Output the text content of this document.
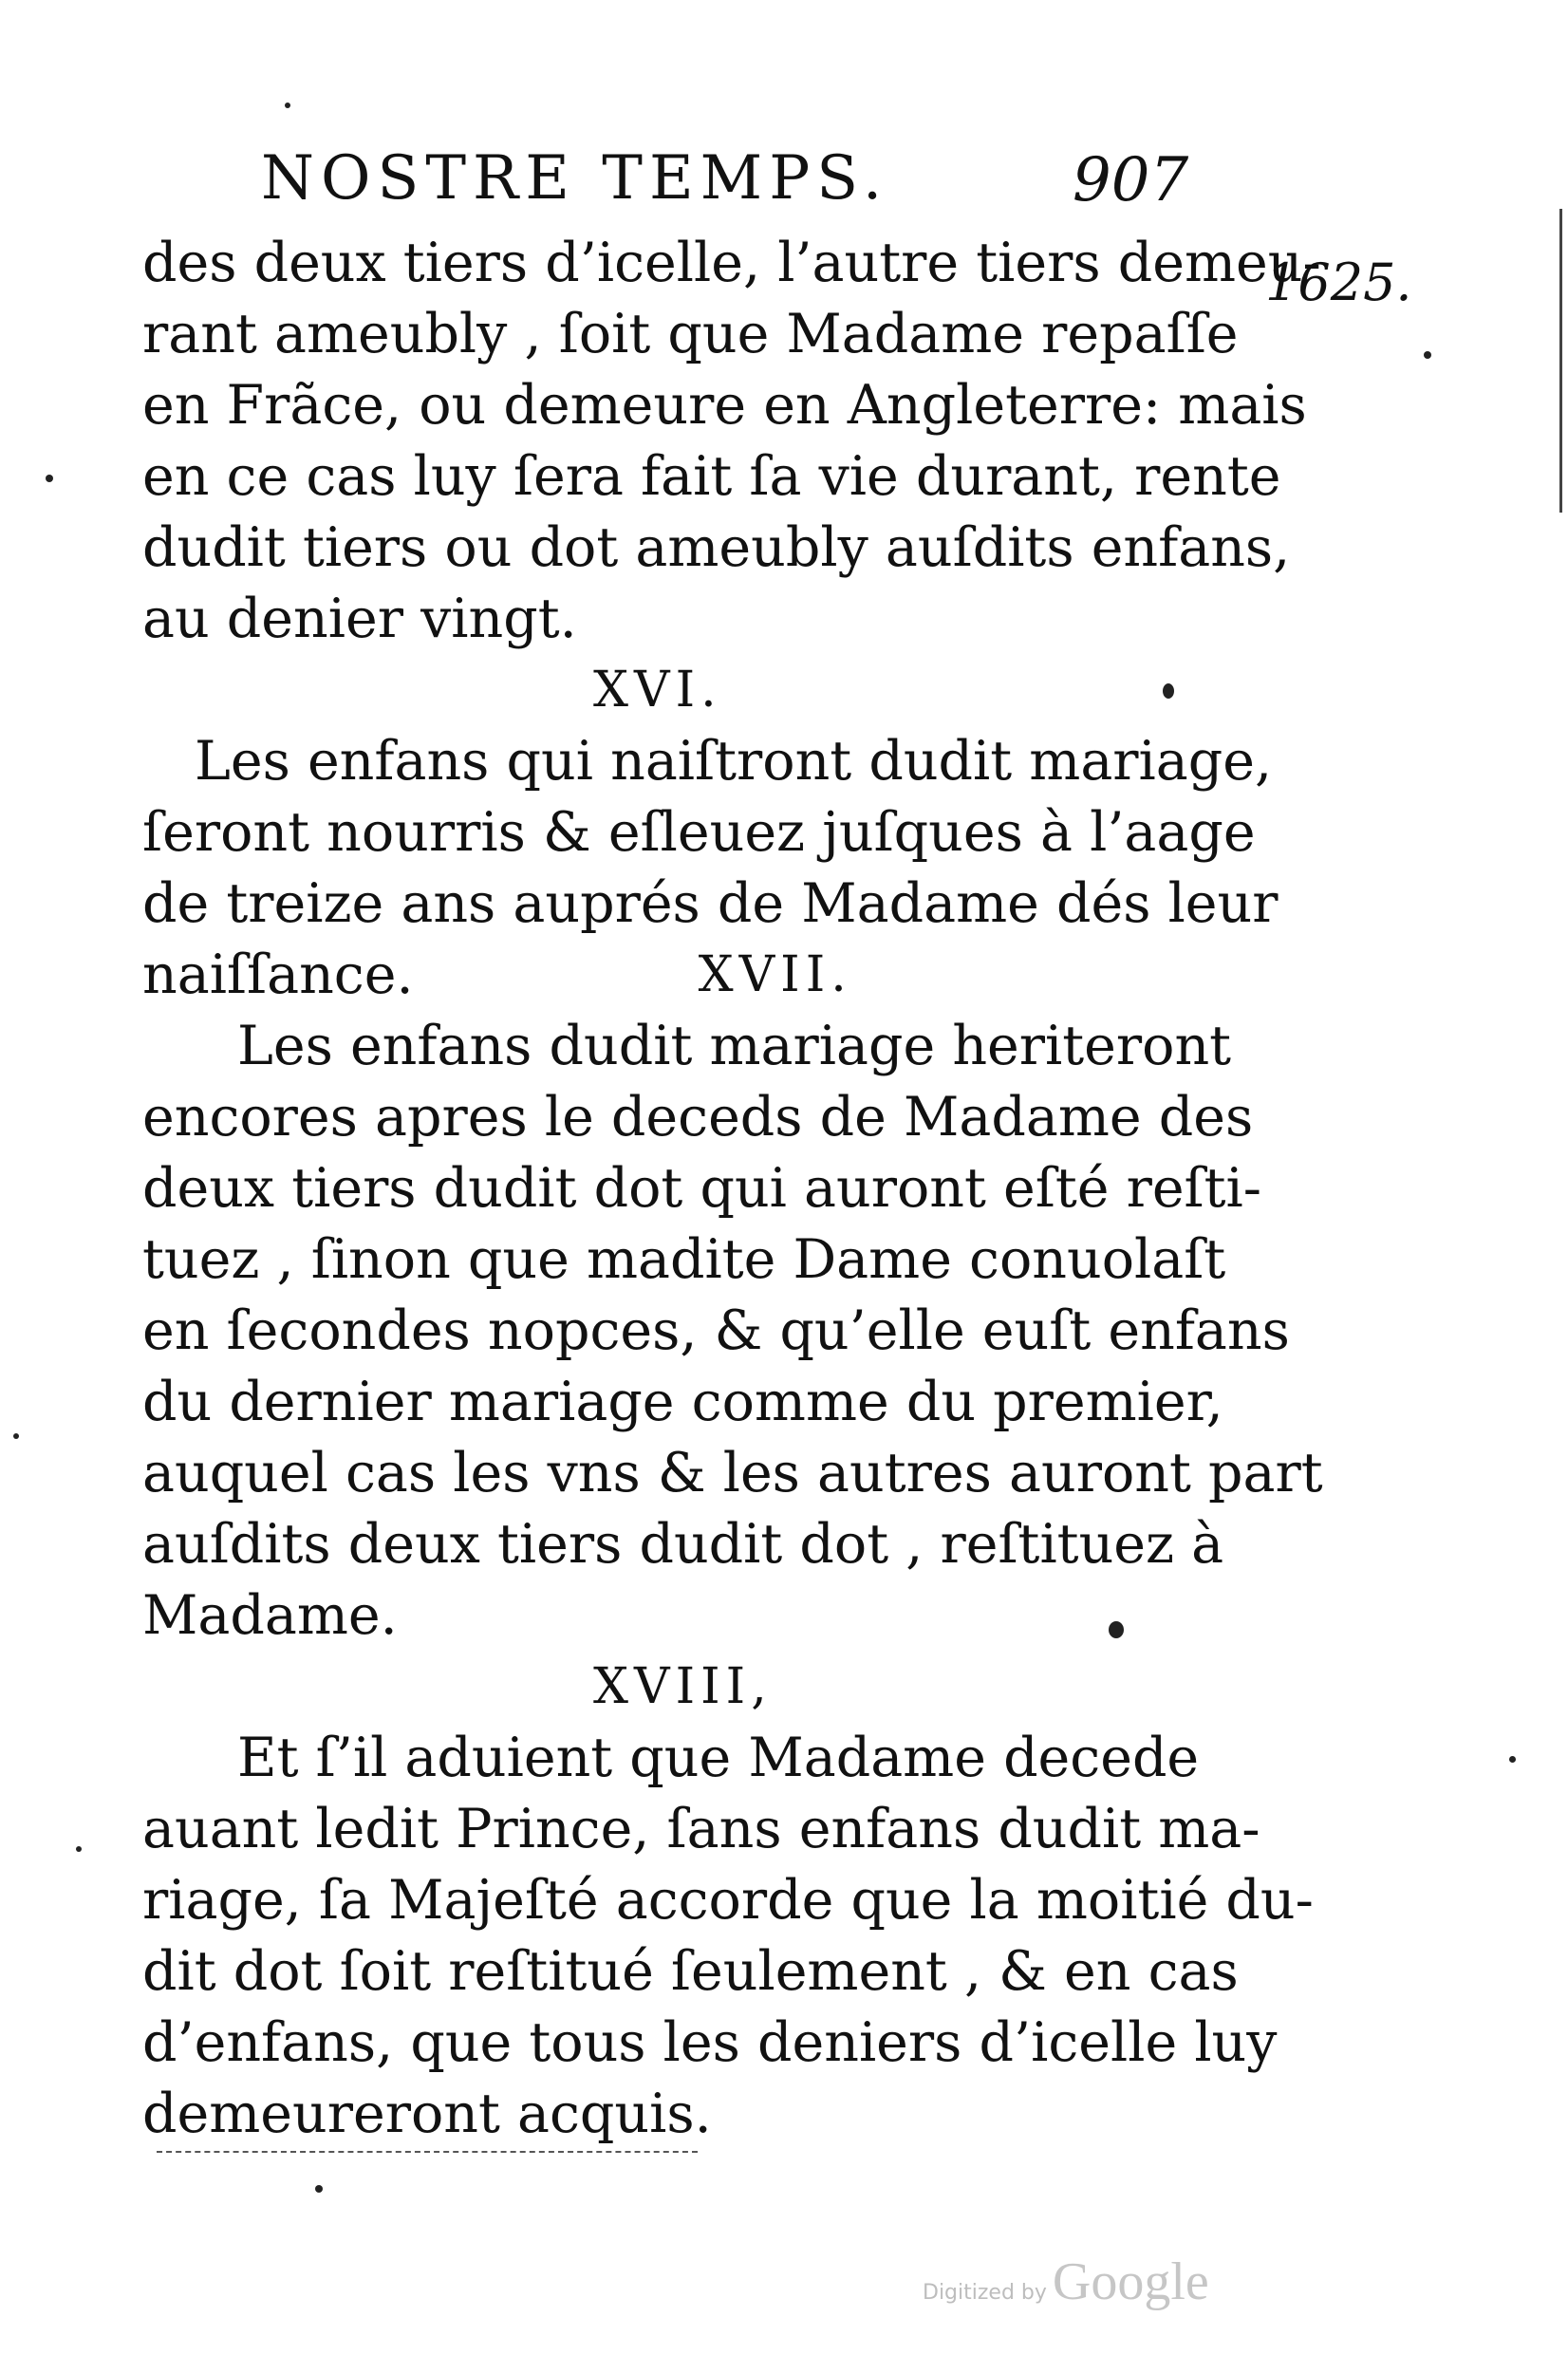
NOSTRE TEMPS.	907
1625.
des deux tiers d’icelle, l’autre tiers demeu-
rant ameubly , ſoit que Madame repaſſe
en Frãce, ou demeure en Angleterre: mais
en ce cas luy ſera fait ſa vie durant, rente
dudit tiers ou dot ameubly auſdits enfans,
au denier vingt.
XVI.
Les enfans qui naiſtront dudit mariage,
ſeront nourris & eſleuez juſques à l’aage
de treize ans auprés de Madame dés leur
naiſſance.	XVII.
Les enfans dudit mariage heriteront
encores apres le deceds de Madame des
deux tiers dudit dot qui auront eſté reſti-
tuez , ſinon que madite Dame conuolaſt
en ſecondes nopces, & qu’elle euſt enfans
du dernier mariage comme du premier,
auquel cas les vns & les autres auront part
auſdits deux tiers dudit dot , reſtituez à
Madame.
XVIII,
Et ſ’il aduient que Madame decede
auant ledit Prince, ſans enfans dudit ma-
riage, ſa Majeſté accorde que la moitié du-
dit dot ſoit reſtitué ſeulement , & en cas
d’enfans, que tous les deniers d’icelle luy
demeureront acquis.
Digitized by Google
